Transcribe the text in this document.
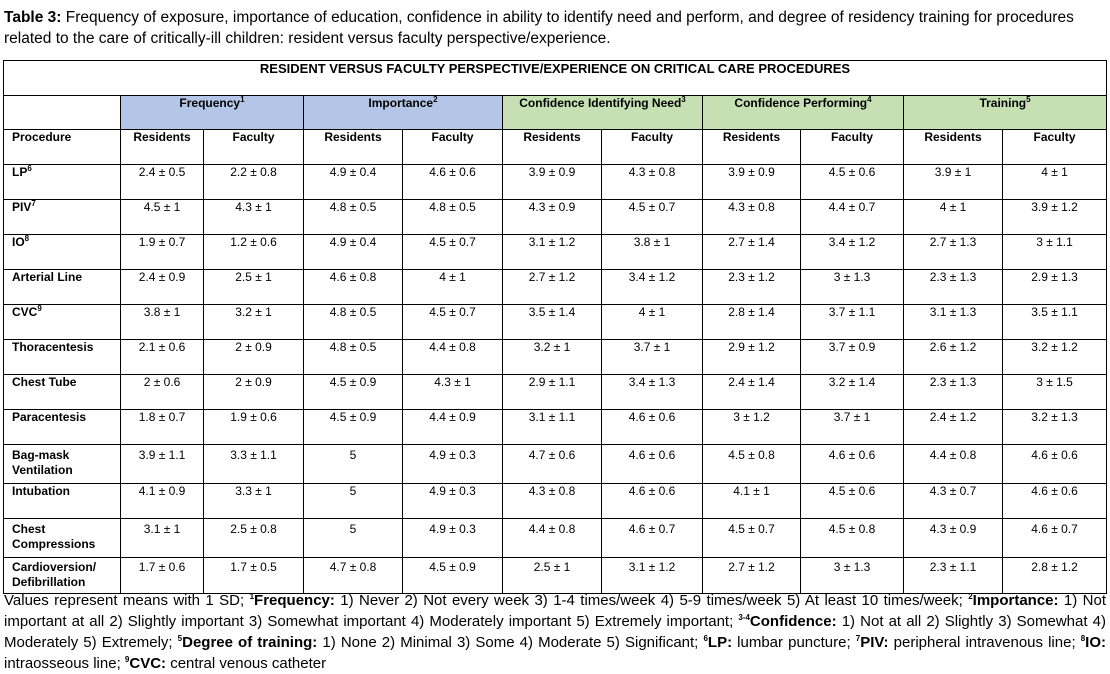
Table 3: Frequency of exposure, importance of education, confidence in ability to identify need and perform, and degree of residency training for procedures related to the care of critically-ill children: resident versus faculty perspective/experience.
RESIDENT VERSUS FACULTY PERSPECTIVE/EXPERIENCE ON CRITICAL CARE PROCEDURES										
	Frequency$^1$		Importance$^2$		Confidence Identifying Need$^3$		Confidence Performing$^4$		Training$^5$
Procedure	Residents	Faculty	Residents	Faculty	Residents	Faculty	Residents	Faculty	Residents	Faculty
$LP^6$	2.4 ± 0.5	2.2 ± 0.8	4.9 ± 0.4	4.6 ± 0.6	3.9 ± 0.9	4.3 ± 0.8	3.9 ± 0.9	4.5 ± 0.6	3.9 ± 1	4 ± 1
PIV$^7$	4.5 ± 1	4.3 ± 1	4.8 ± 0.5	4.8 ± 0.5	4.3 ± 0.9	4.5 ± 0.7	4.3 ± 0.8	4.4 ± 0.7	4 ± 1	3.9 ± 1.2
$IO^8$	1.9 ± 0.7	1.2 ± 0.6	4.9 ± 0.4	4.5 ± 0.7	3.1 ± 1.2	3.8 ± 1	2.7 ± 1.4	3.4 ± 1.2	2.7 ± 1.3	3 ± 1.1
Arterial Line	2.4 ± 0.9	2.5 ± 1	4.6 ± 0.8	4 ± 1	2.7 ± 1.2	3.4 ± 1.2	2.3 ± 1.2	3 ± 1.3	2.3 ± 1.3	2.9 ± 1.3
CVC$^9$	3.8 ± 1	3.2 ± 1	4.8 ± 0.5	4.5 ± 0.7	3.5 ± 1.4	4 ± 1	2.8 ± 1.4	3.7 ± 1.1	3.1 ± 1.3	3.5 ± 1.1
Thoracentesis	2.1 ± 0.6	2 ± 0.9	4.8 ± 0.5	4.4 ± 0.8	3.2 ± 1	3.7 ± 1	2.9 ± 1.2	3.7 ± 0.9	2.6 ± 1.2	3.2 ± 1.2
Chest Tube	2 ± 0.6	2 ± 0.9	4.5 ± 0.9	4.3 ± 1	2.9 ± 1.1	3.4 ± 1.3	2.4 ± 1.4	3.2 ± 1.4	2.3 ± 1.3	3 ± 1.5
Paracentesis	1.8 ± 0.7	1.9 ± 0.6	4.5 ± 0.9	4.4 ± 0.9	3.1 ± 1.1	4.6 ± 0.6	3 ± 1.2	3.7 ± 1	2.4 ± 1.2	3.2 ± 1.3
Bag-mask Ventilation	3.9 ± 1.1	3.3 ± 1.1	5	4.9 ± 0.3	4.7 ± 0.6	4.6 ± 0.6	4.5 ± 0.8	4.6 ± 0.6	4.4 ± 0.8	4.6 ± 0.6
Intubation	4.1 ± 0.9	3.3 ± 1	5	4.9 ± 0.3	4.3 ± 0.8	4.6 ± 0.6	4.1 ± 1	4.5 ± 0.6	4.3 ± 0.7	4.6 ± 0.6
Chest Compressions	3.1 ± 1	2.5 ± 0.8	5	4.9 ± 0.3	4.4 ± 0.8	4.6 ± 0.7	4.5 ± 0.7	4.5 ± 0.8	4.3 ± 0.9	4.6 ± 0.7
Cardioversion/ Defibrillation	1.7 ± 0.6	1.7 ± 0.5	4.7 ± 0.8	4.5 ± 0.9	2.5 ± 1	3.1 ± 1.2	2.7 ± 1.2	3 ± 1.3	2.3 ± 1.1	2.8 ± 1.2
Values represent means with 1 SD; $^1$Frequency: 1) Never 2) Not every week 3) 1-4 times/week 4) 5-9 times/week 5) At least 10 times/week; $^2$Importance: 1) Not important at all 2) Slightly important 3) Somewhat important 4) Moderately important 5) Extremely important; $^{3-4}$Confidence: 1) Not at all 2) Slightly 3) Somewhat 4) Moderately 5) Extremely; $^5$Degree of training: 1) None 2) Minimal 3) Some 4) Moderate 5) Significant; $^6$LP: lumbar puncture; $^7$PIV: peripheral intravenous line; $^8$IO: intraosseous line; $^9$CVC: central venous catheter
